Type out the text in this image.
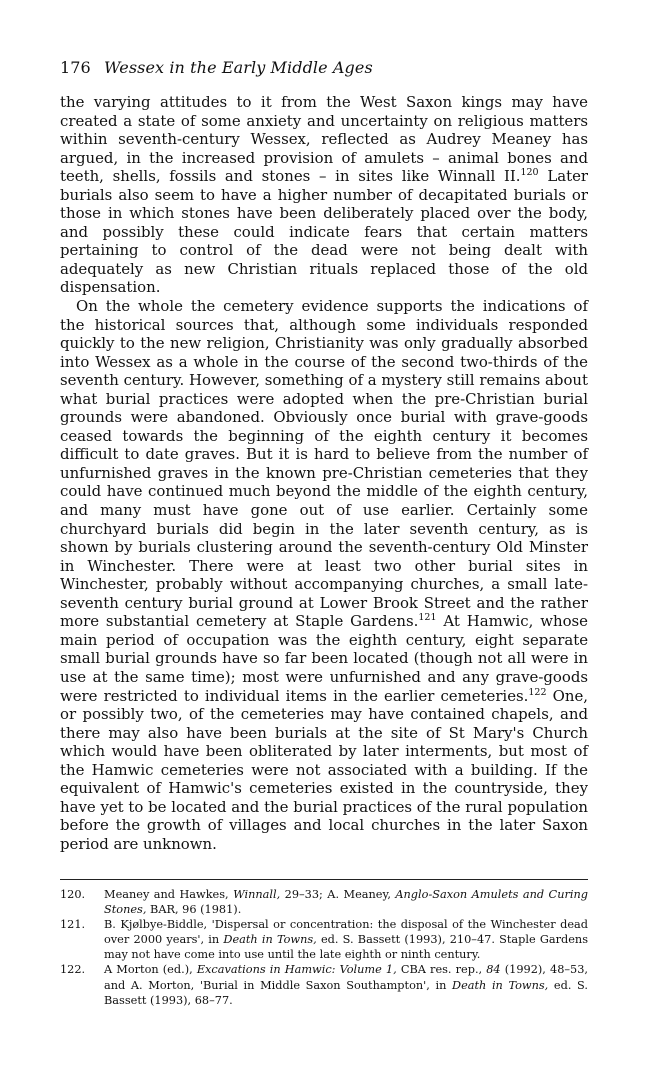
176 Wessex in the Early Middle Ages

the varying attitudes to it from the West Saxon kings may have created a state of some anxiety and uncertainty on religious matters within seventh-century Wessex, reflected as Audrey Meaney has argued, in the increased provision of amulets – animal bones and teeth, shells, fossils and stones – in sites like Winnall II.$^{120}$ Later burials also seem to have a higher number of decapitated burials or those in which stones have been deliberately placed over the body, and possibly these could indicate fears that certain matters pertaining to control of the dead were not being dealt with adequately as new Christian rituals replaced those of the old dispensation.

On the whole the cemetery evidence supports the indications of the historical sources that, although some individuals responded quickly to the new religion, Christianity was only gradually absorbed into Wessex as a whole in the course of the second two-thirds of the seventh century. However, something of a mystery still remains about what burial practices were adopted when the pre-Christian burial grounds were abandoned. Obviously once burial with grave-goods ceased towards the beginning of the eighth century it becomes difficult to date graves. But it is hard to believe from the number of unfurnished graves in the known pre-Christian cemeteries that they could have continued much beyond the middle of the eighth century, and many must have gone out of use earlier. Certainly some churchyard burials did begin in the later seventh century, as is shown by burials clustering around the seventh-century Old Minster in Winchester. There were at least two other burial sites in Winchester, probably without accompanying churches, a small late-seventh century burial ground at Lower Brook Street and the rather more substantial cemetery at Staple Gardens.$^{121}$ At Hamwic, whose main period of occupation was the eighth century, eight separate small burial grounds have so far been located (though not all were in use at the same time); most were unfurnished and any grave-goods were restricted to individual items in the earlier cemeteries.$^{122}$ One, or possibly two, of the cemeteries may have contained chapels, and there may also have been burials at the site of St Mary's Church which would have been obliterated by later interments, but most of the Hamwic cemeteries were not associated with a building. If the equivalent of Hamwic's cemeteries existed in the countryside, they have yet to be located and the burial practices of the rural population before the growth of villages and local churches in the later Saxon period are unknown.

120.	Meaney and Hawkes, Winnall, 29–33; A. Meaney, Anglo-Saxon Amulets and Curing Stones, BAR, 96 (1981).
121.	B. Kjølbye-Biddle, 'Dispersal or concentration: the disposal of the Winchester dead over 2000 years', in Death in Towns, ed. S. Bassett (1993), 210–47. Staple Gardens may not have come into use until the late eighth or ninth century.
122.	A Morton (ed.), Excavations in Hamwic: Volume 1, CBA res. rep., 84 (1992), 48–53, and A. Morton, 'Burial in Middle Saxon Southampton', in Death in Towns, ed. S. Bassett (1993), 68–77.
